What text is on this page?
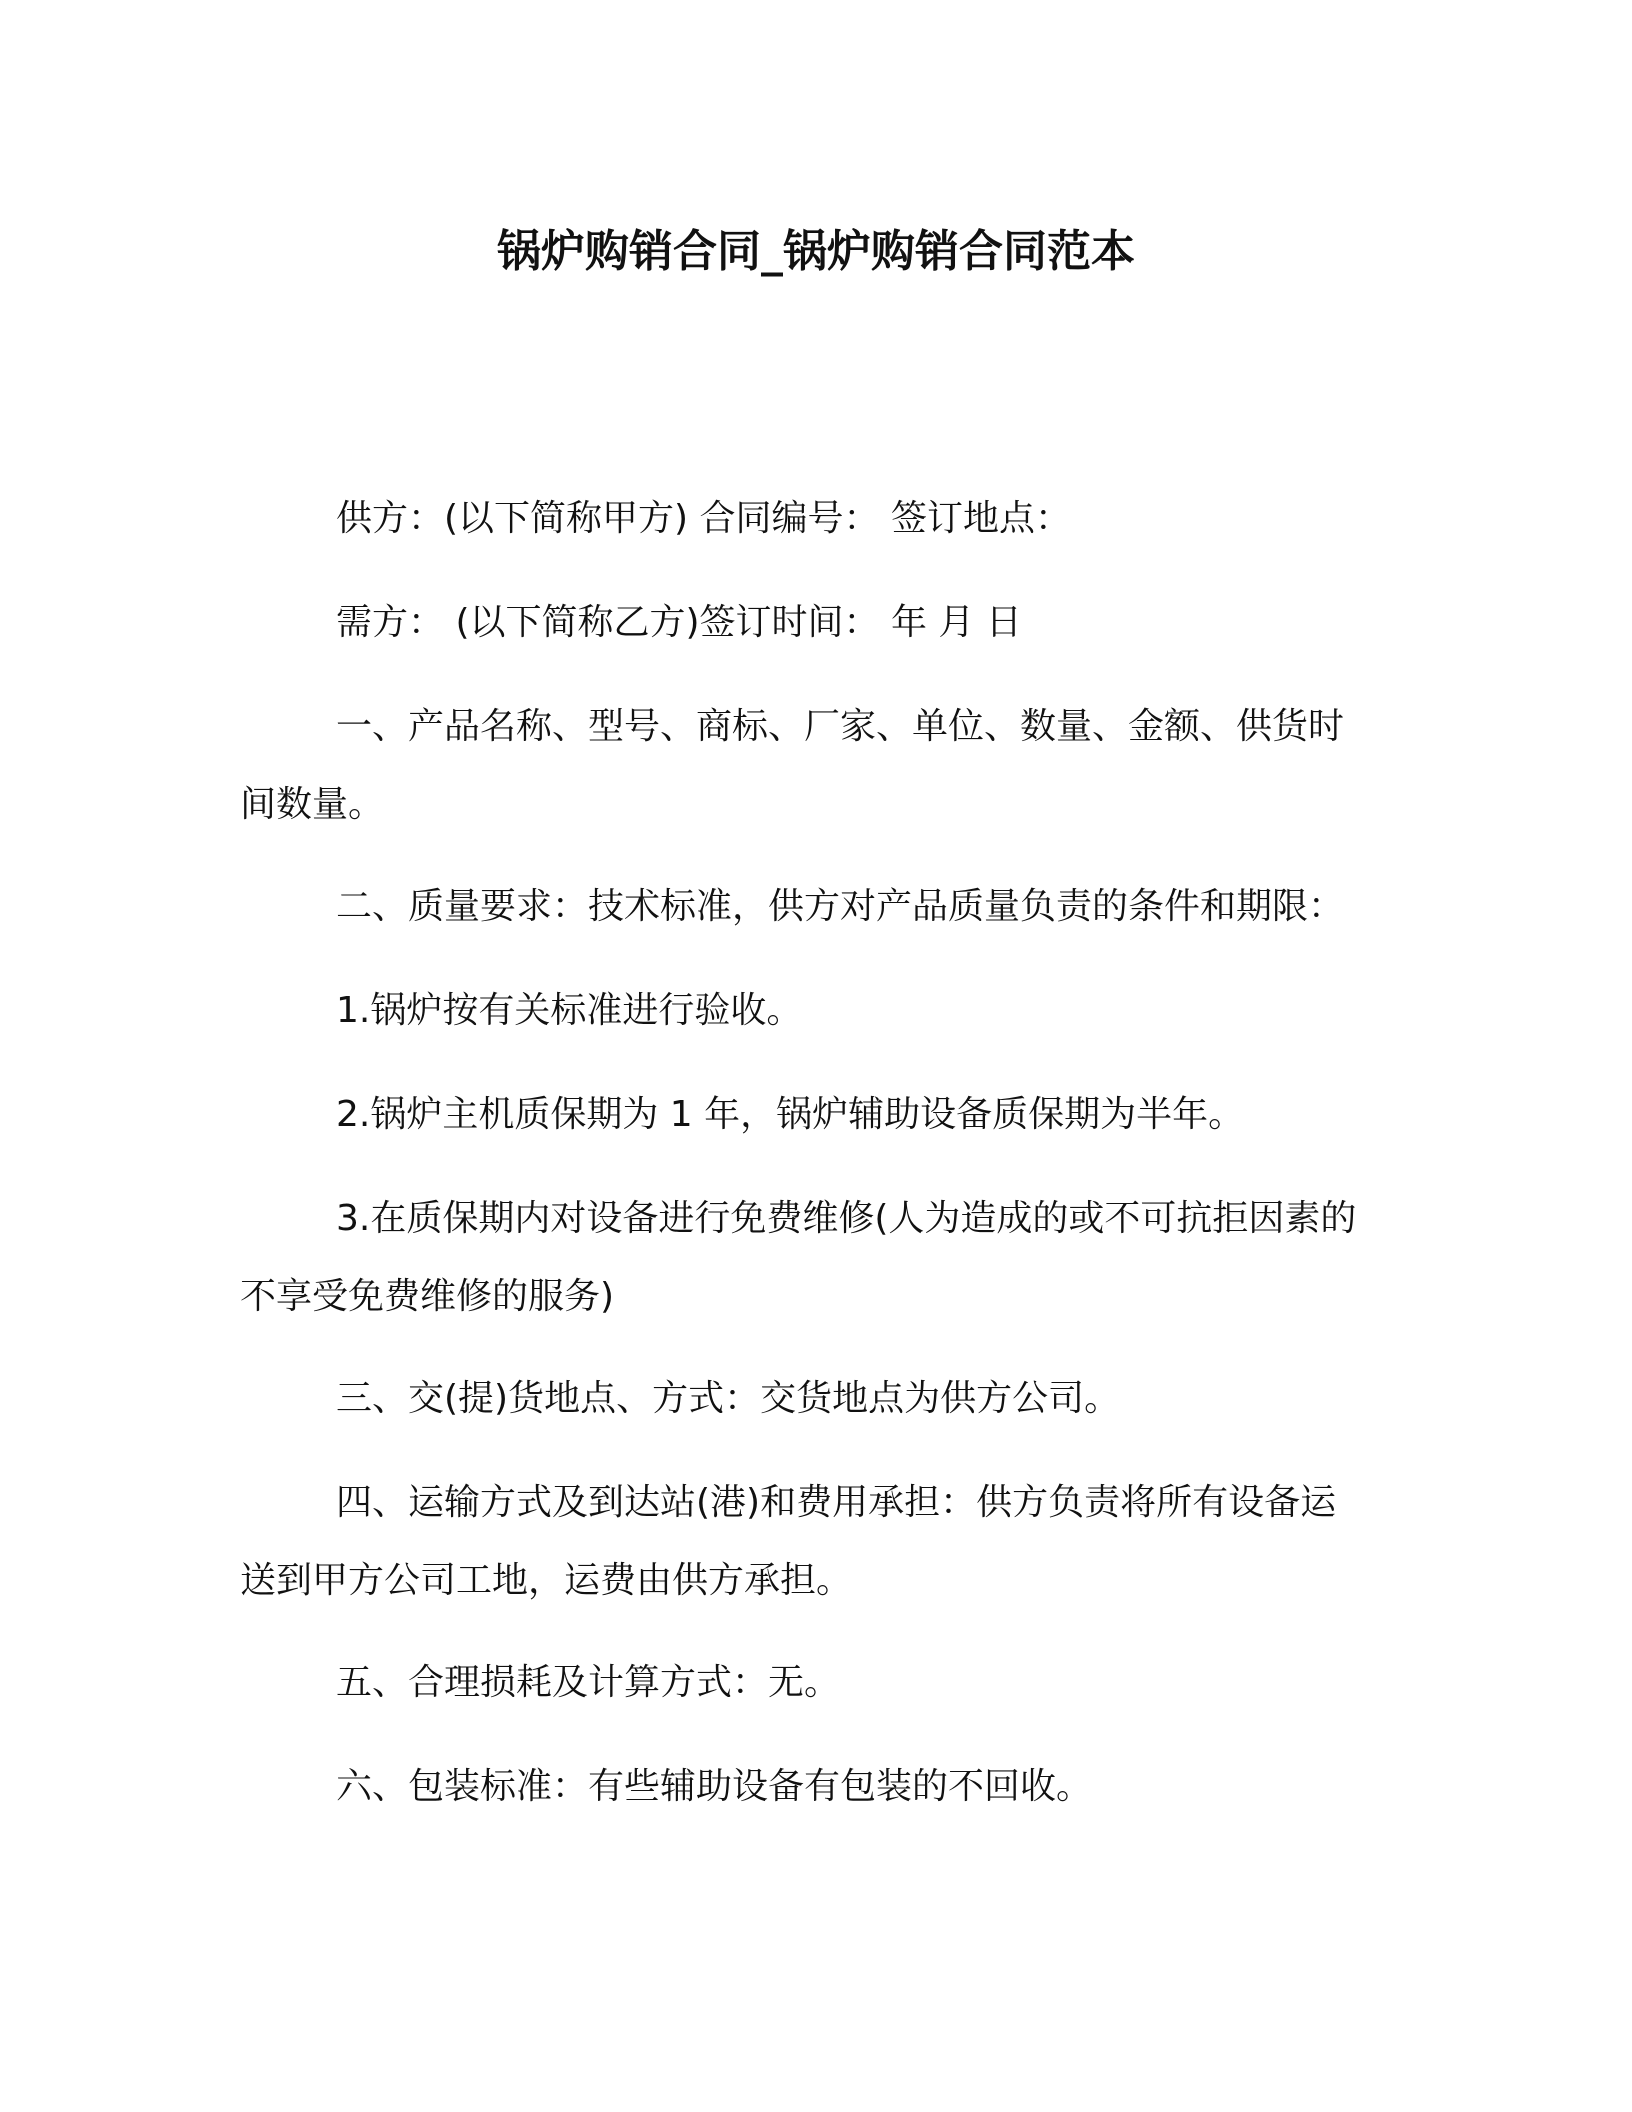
锅炉购销合同_锅炉购销合同范本

供方：(以下简称甲方) 合同编号： 签订地点：

需方： (以下简称乙方)签订时间： 年 月 日

一、产品名称、型号、商标、厂家、单位、数量、金额、供货时
间数量。

二、质量要求：技术标准，供方对产品质量负责的条件和期限：

1.锅炉按有关标准进行验收。

2.锅炉主机质保期为 1 年，锅炉辅助设备质保期为半年。

3.在质保期内对设备进行免费维修(人为造成的或不可抗拒因素的
不享受免费维修的服务)

三、交(提)货地点、方式：交货地点为供方公司。

四、运输方式及到达站(港)和费用承担：供方负责将所有设备运
送到甲方公司工地，运费由供方承担。

五、合理损耗及计算方式：无。

六、包装标准：有些辅助设备有包装的不回收。
